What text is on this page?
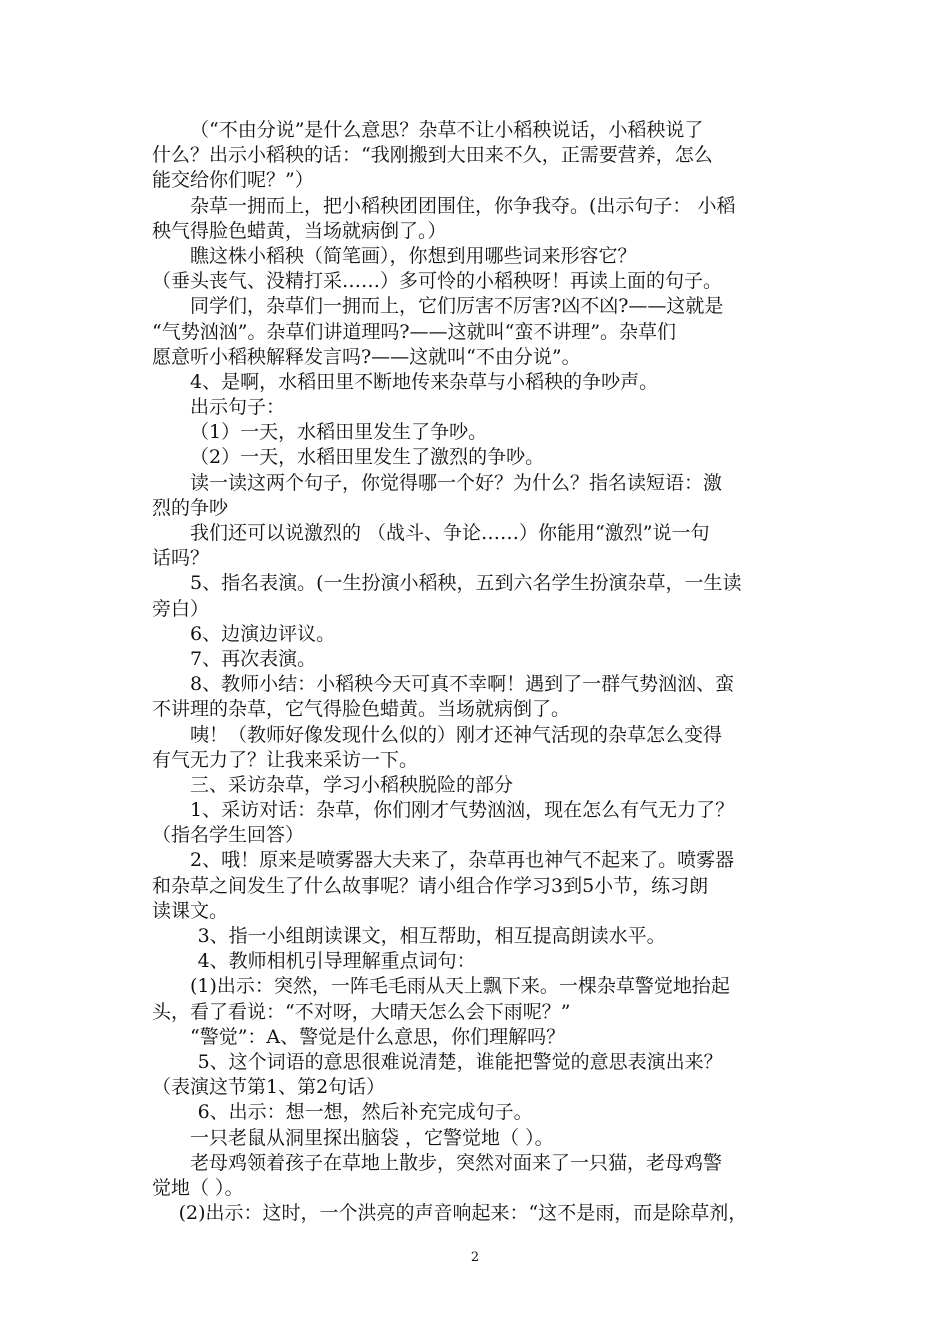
（“不由分说”是什么意思？杂草不让小稻秧说话，小稻秧说了
什么？出示小稻秧的话：“我刚搬到大田来不久，正需要营养，怎么
能交给你们呢？”）
杂草一拥而上，把小稻秧团团围住，你争我夺。(出示句子： 小稻
秧气得脸色蜡黄，当场就病倒了。）
瞧这株小稻秧（简笔画），你想到用哪些词来形容它？
（垂头丧气、没精打采……）多可怜的小稻秧呀！再读上面的句子。
同学们，杂草们一拥而上，它们厉害不厉害?凶不凶?——这就是
“气势汹汹”。杂草们讲道理吗?——这就叫“蛮不讲理”。杂草们
愿意听小稻秧解释发言吗?——这就叫“不由分说”。
4、是啊，水稻田里不断地传来杂草与小稻秧的争吵声。
出示句子：
（1）一天，水稻田里发生了争吵。
（2）一天，水稻田里发生了激烈的争吵。
读一读这两个句子，你觉得哪一个好？为什么？指名读短语：激
烈的争吵
我们还可以说激烈的 （战斗、争论……）你能用“激烈”说一句
话吗？
5、指名表演。(一生扮演小稻秧，五到六名学生扮演杂草，一生读
旁白）
6、边演边评议。
7、再次表演。
8、教师小结：小稻秧今天可真不幸啊！遇到了一群气势汹汹、蛮
不讲理的杂草，它气得脸色蜡黄。当场就病倒了。
咦！（教师好像发现什么似的）刚才还神气活现的杂草怎么变得
有气无力了？让我来采访一下。
三、采访杂草，学习小稻秧脱险的部分
1、采访对话：杂草，你们刚才气势汹汹，现在怎么有气无力了？
（指名学生回答）
2、哦！原来是喷雾器大夫来了，杂草再也神气不起来了。喷雾器
和杂草之间发生了什么故事呢？请小组合作学习3到5小节，练习朗
读课文。
3、指一小组朗读课文，相互帮助，相互提高朗读水平。
4、教师相机引导理解重点词句：
(1)出示：突然，一阵毛毛雨从天上飘下来。一棵杂草警觉地抬起
头，看了看说：“不对呀，大晴天怎么会下雨呢？”
“警觉”：A、警觉是什么意思，你们理解吗？
5、这个词语的意思很难说清楚，谁能把警觉的意思表演出来？
（表演这节第1、第2句话）
6、出示：想一想，然后补充完成句子。
一只老鼠从洞里探出脑袋 ，它警觉地（ ）。
老母鸡领着孩子在草地上散步，突然对面来了一只猫，老母鸡警
觉地（ ）。
(2)出示：这时，一个洪亮的声音响起来：“这不是雨，而是除草剂，
2
